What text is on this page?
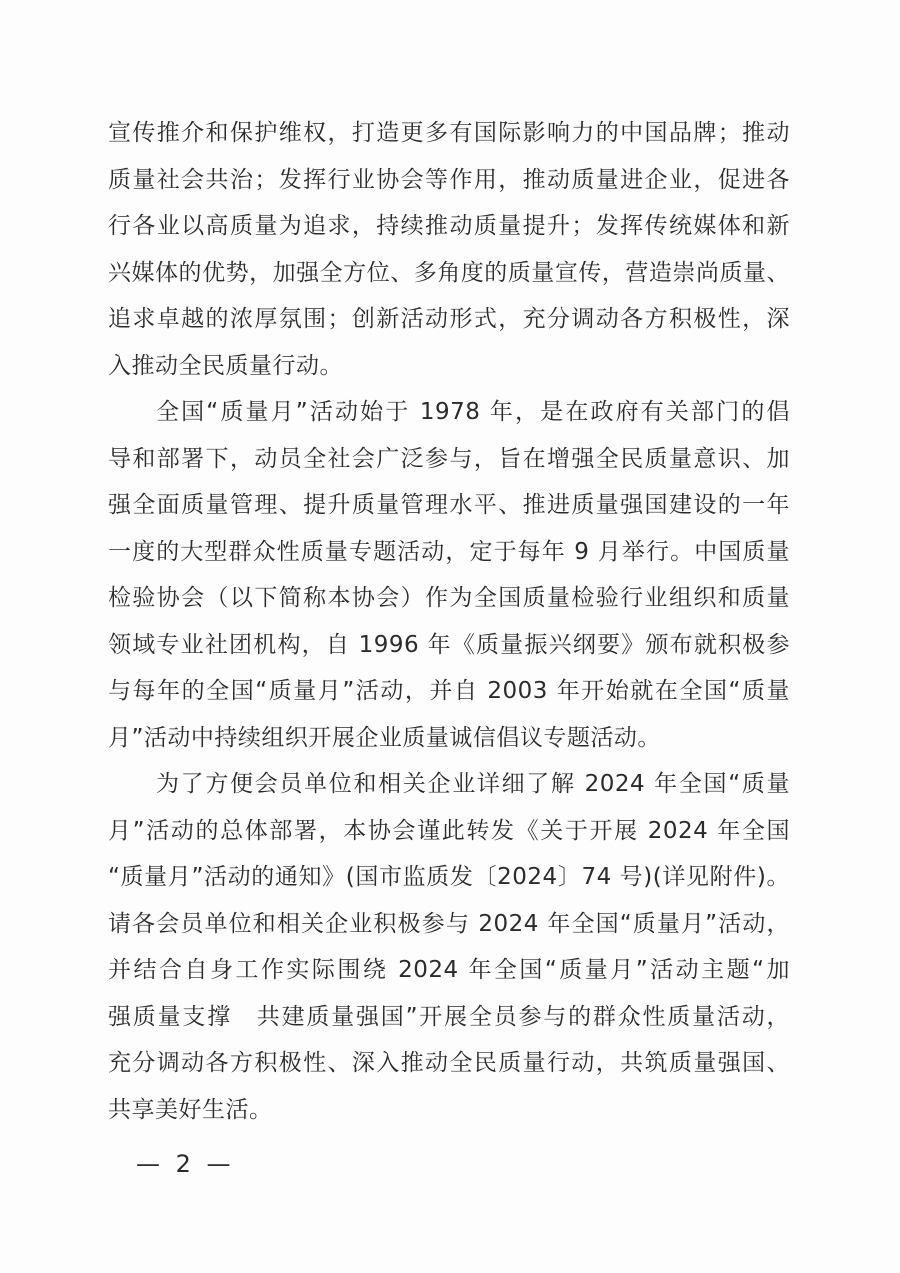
宣传推介和保护维权，打造更多有国际影响力的中国品牌；推动
质量社会共治；发挥行业协会等作用，推动质量进企业，促进各
行各业以高质量为追求，持续推动质量提升；发挥传统媒体和新
兴媒体的优势，加强全方位、多角度的质量宣传，营造崇尚质量、
追求卓越的浓厚氛围；创新活动形式，充分调动各方积极性，深
入推动全民质量行动。
全国“质量月”活动始于 1978 年，是在政府有关部门的倡
导和部署下，动员全社会广泛参与，旨在增强全民质量意识、加
强全面质量管理、提升质量管理水平、推进质量强国建设的一年
一度的大型群众性质量专题活动，定于每年 9 月举行。中国质量
检验协会（以下简称本协会）作为全国质量检验行业组织和质量
领域专业社团机构，自 1996 年《质量振兴纲要》颁布就积极参
与每年的全国“质量月”活动，并自 2003 年开始就在全国“质量
月”活动中持续组织开展企业质量诚信倡议专题活动。
为了方便会员单位和相关企业详细了解 2024 年全国“质量
月”活动的总体部署，本协会谨此转发《关于开展 2024 年全国
“质量月”活动的通知》(国市监质发〔2024〕74 号)(详见附件)。
请各会员单位和相关企业积极参与 2024 年全国“质量月”活动，
并结合自身工作实际围绕 2024 年全国“质量月”活动主题“加
强质量支撑　共建质量强国”开展全员参与的群众性质量活动，
充分调动各方积极性、深入推动全民质量行动，共筑质量强国、
共享美好生活。
— 2 —
